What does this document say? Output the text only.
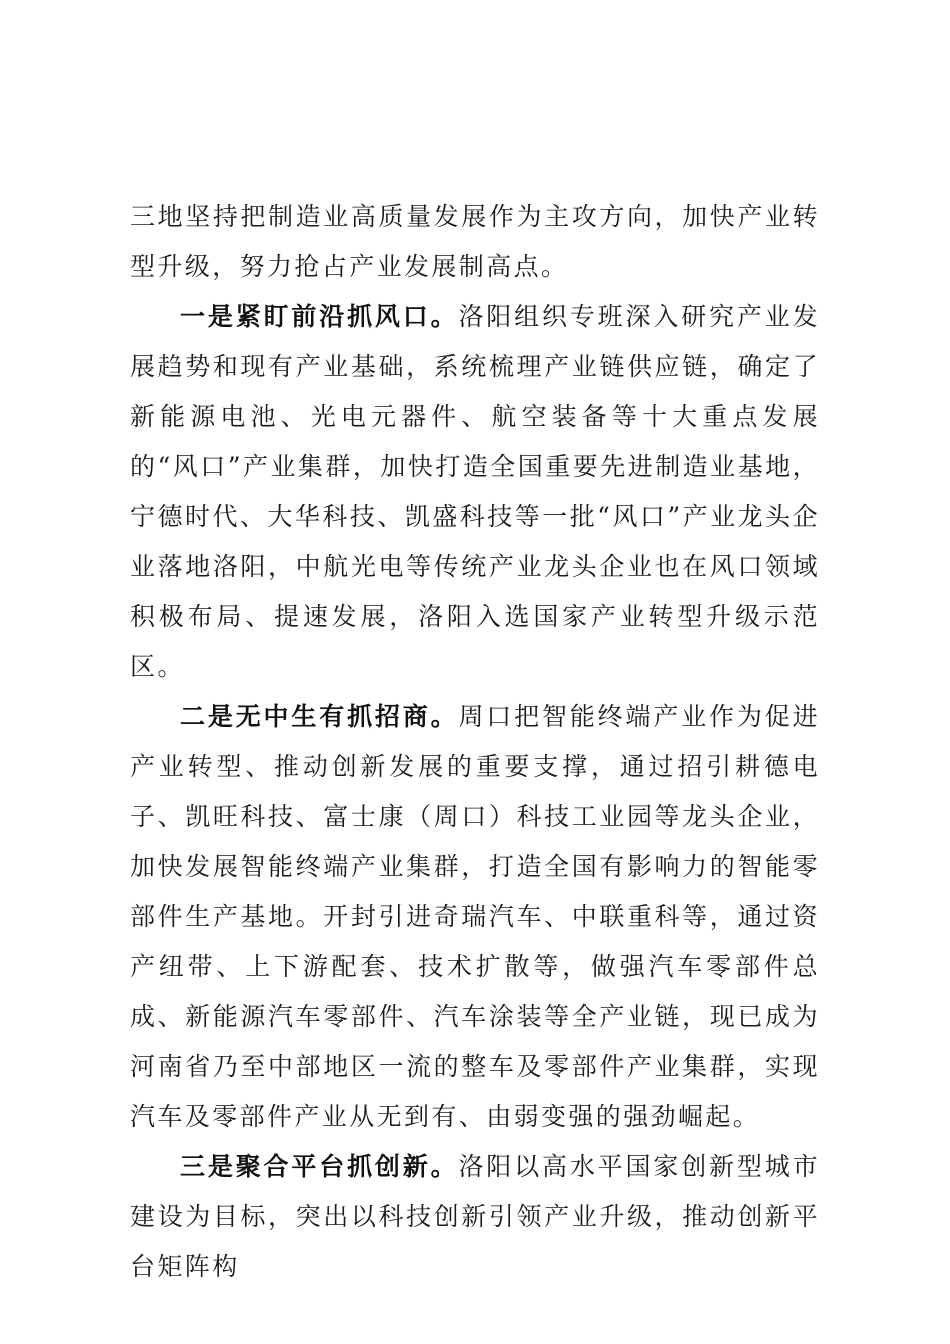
三地坚持把制造业高质量发展作为主攻方向，加快产业转型升级，努力抢占产业发展制高点。

一是紧盯前沿抓风口。洛阳组织专班深入研究产业发展趋势和现有产业基础，系统梳理产业链供应链，确定了新能源电池、光电元器件、航空装备等十大重点发展的“风口”产业集群，加快打造全国重要先进制造业基地，宁德时代、大华科技、凯盛科技等一批“风口”产业龙头企业落地洛阳，中航光电等传统产业龙头企业也在风口领域积极布局、提速发展，洛阳入选国家产业转型升级示范区。

二是无中生有抓招商。周口把智能终端产业作为促进产业转型、推动创新发展的重要支撑，通过招引耕德电子、凯旺科技、富士康（周口）科技工业园等龙头企业，加快发展智能终端产业集群，打造全国有影响力的智能零部件生产基地。开封引进奇瑞汽车、中联重科等，通过资产纽带、上下游配套、技术扩散等，做强汽车零部件总成、新能源汽车零部件、汽车涂装等全产业链，现已成为河南省乃至中部地区一流的整车及零部件产业集群，实现汽车及零部件产业从无到有、由弱变强的强劲崛起。

三是聚合平台抓创新。洛阳以高水平国家创新型城市建设为目标，突出以科技创新引领产业升级，推动创新平台矩阵构
